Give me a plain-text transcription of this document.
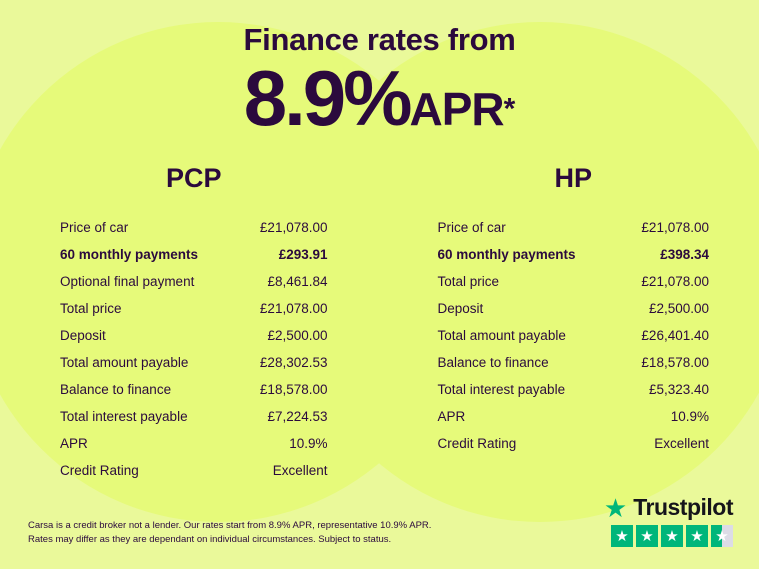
Finance rates from
8.9%APR*
PCP
Price of car	£21,078.00
60 monthly payments	£293.91
Optional final payment	£8,461.84
Total price	£21,078.00
Deposit	£2,500.00
Total amount payable	£28,302.53
Balance to finance	£18,578.00
Total interest payable	£7,224.53
APR	10.9%
Credit Rating	Excellent
HP
Price of car	£21,078.00
60 monthly payments	£398.34
Total price	£21,078.00
Deposit	£2,500.00
Total amount payable	£26,401.40
Balance to finance	£18,578.00
Total interest payable	£5,323.40
APR	10.9%
Credit Rating	Excellent
Carsa is a credit broker not a lender. Our rates start from 8.9% APR, representative 10.9% APR. Rates may differ as they are dependant on individual circumstances. Subject to status.
★ Trustpilot
★ ★ ★ ★ ★
